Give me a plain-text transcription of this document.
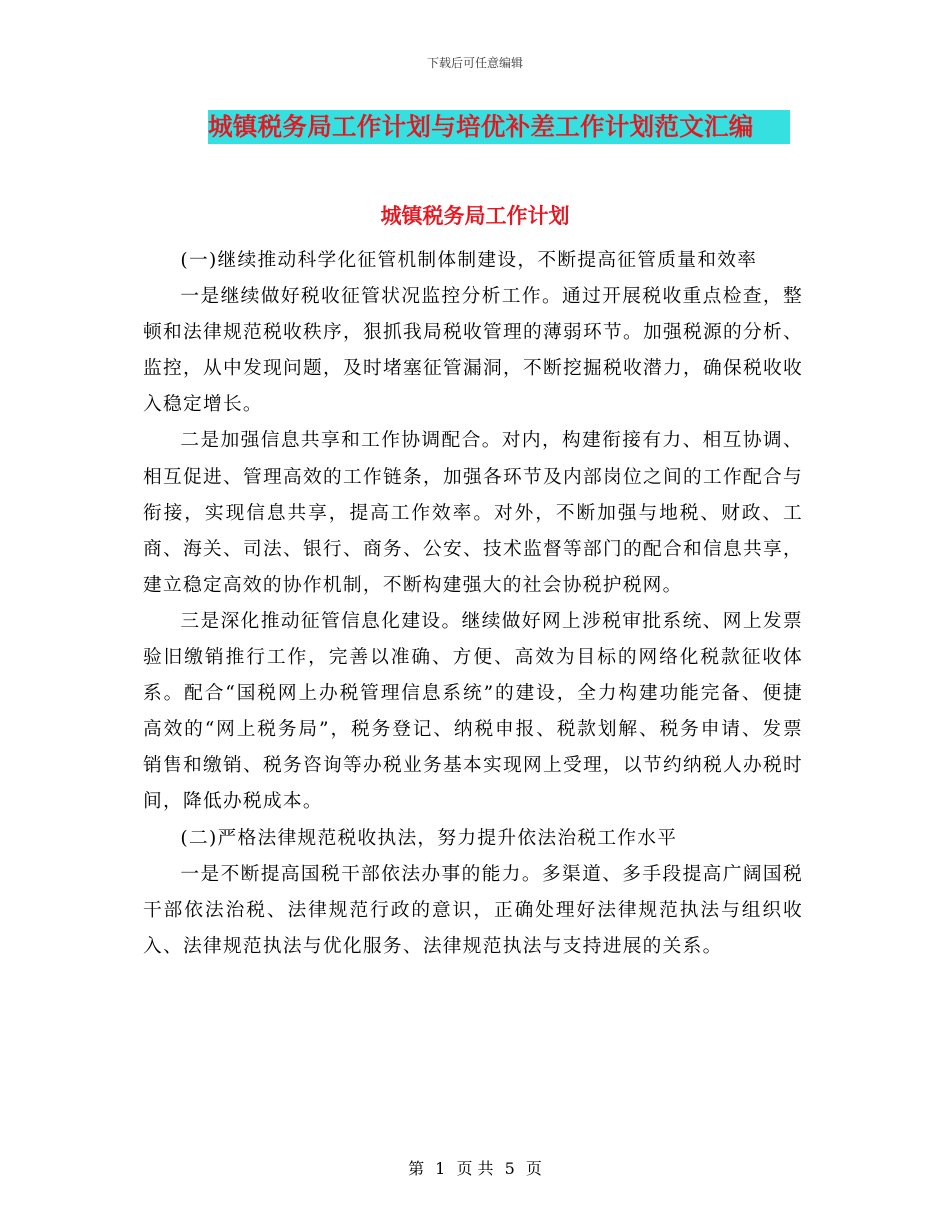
下载后可任意编辑
城镇税务局工作计划与培优补差工作计划范文汇编
城镇税务局工作计划

(一)继续推动科学化征管机制体制建设，不断提高征管质量和效率

一是继续做好税收征管状况监控分析工作。通过开展税收重点检查，整顿和法律规范税收秩序，狠抓我局税收管理的薄弱环节。加强税源的分析、监控，从中发现问题，及时堵塞征管漏洞，不断挖掘税收潜力，确保税收收入稳定增长。

二是加强信息共享和工作协调配合。对内，构建衔接有力、相互协调、相互促进、管理高效的工作链条，加强各环节及内部岗位之间的工作配合与衔接，实现信息共享，提高工作效率。对外，不断加强与地税、财政、工商、海关、司法、银行、商务、公安、技术监督等部门的配合和信息共享，建立稳定高效的协作机制，不断构建强大的社会协税护税网。

三是深化推动征管信息化建设。继续做好网上涉税审批系统、网上发票验旧缴销推行工作，完善以准确、方便、高效为目标的网络化税款征收体系。配合“国税网上办税管理信息系统”的建设，全力构建功能完备、便捷高效的“网上税务局”，税务登记、纳税申报、税款划解、税务申请、发票销售和缴销、税务咨询等办税业务基本实现网上受理，以节约纳税人办税时间，降低办税成本。

(二)严格法律规范税收执法，努力提升依法治税工作水平

一是不断提高国税干部依法办事的能力。多渠道、多手段提高广阔国税干部依法治税、法律规范行政的意识，正确处理好法律规范执法与组织收入、法律规范执法与优化服务、法律规范执法与支持进展的关系。

第 1 页 共 5 页
